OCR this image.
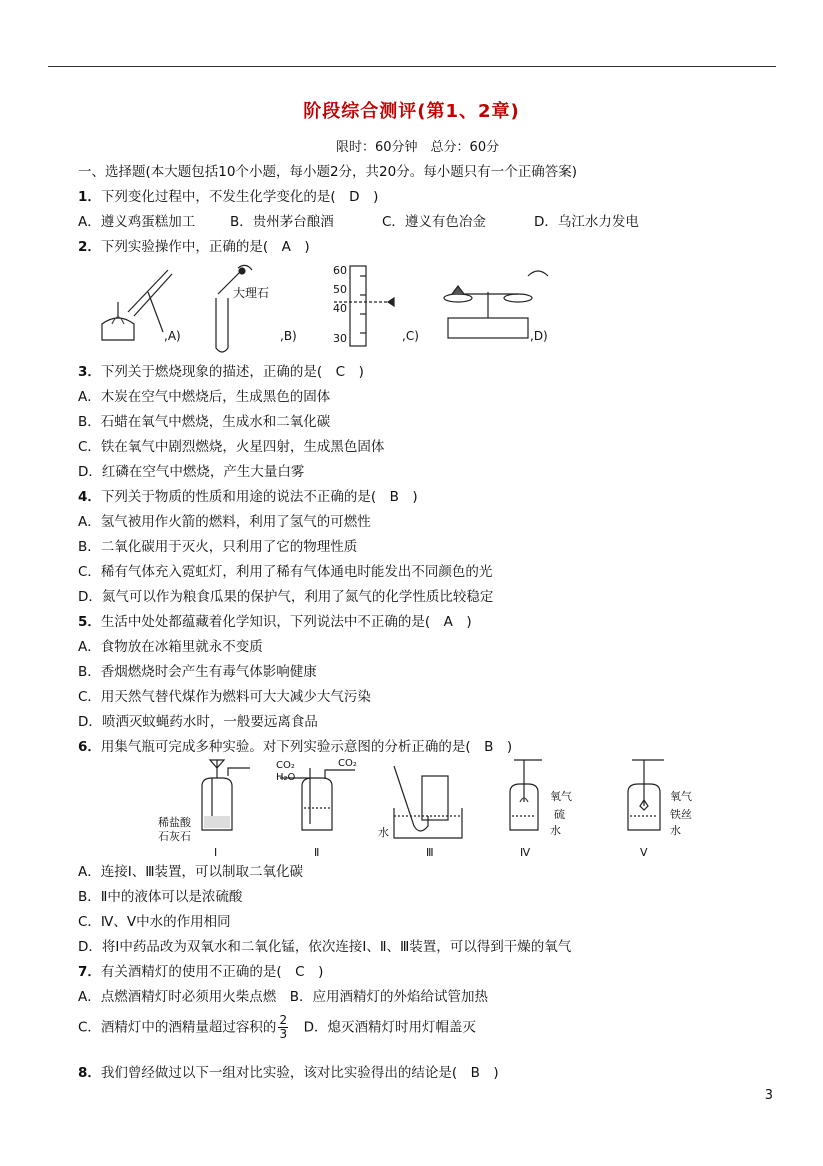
阶段综合测评(第1、2章)
限时：60分钟　总分：60分
一、选择题(本大题包括10个小题，每小题2分，共20分。每小题只有一个正确答案)
1．下列变化过程中，不发生化学变化的是(　D　)
A．遵义鸡蛋糕加工	B．贵州茅台酿酒	C．遵义有色冶金	D．乌江水力发电
2．下列实验操作中，正确的是(　A　)
大理石
60
50
40
30
,A)	,B)	,C)	,D)
3．下列关于燃烧现象的描述，正确的是(　C　)
A．木炭在空气中燃烧后，生成黑色的固体
B．石蜡在氧气中燃烧，生成水和二氧化碳
C．铁在氧气中剧烈燃烧，火星四射，生成黑色固体
D．红磷在空气中燃烧，产生大量白雾
4．下列关于物质的性质和用途的说法不正确的是(　B　)
A．氢气被用作火箭的燃料，利用了氢气的可燃性
B．二氧化碳用于灭火，只利用了它的物理性质
C．稀有气体充入霓虹灯，利用了稀有气体通电时能发出不同颜色的光
D．氮气可以作为粮食瓜果的保护气，利用了氮气的化学性质比较稳定
5．生活中处处都蕴藏着化学知识，下列说法中不正确的是(　A　)
A．食物放在冰箱里就永不变质
B．香烟燃烧时会产生有毒气体影响健康
C．用天然气替代煤作为燃料可大大减少大气污染
D．喷洒灭蚊蝇药水时，一般要远离食品
6．用集气瓶可完成多种实验。对下列实验示意图的分析正确的是(　B　)
稀盐酸
石灰石
CO₂
H₂O
CO₂
水
氧气
硫
水
氧气
铁丝
水
Ⅰ	Ⅱ	Ⅲ	Ⅳ	Ⅴ
A．连接Ⅰ、Ⅲ装置，可以制取二氧化碳
B．Ⅱ中的液体可以是浓硫酸
C．Ⅳ、Ⅴ中水的作用相同
D．将Ⅰ中药品改为双氧水和二氧化锰，依次连接Ⅰ、Ⅱ、Ⅲ装置，可以得到干燥的氧气
7．有关酒精灯的使用不正确的是(　C　)
A．点燃酒精灯时必须用火柴点燃　B．应用酒精灯的外焰给试管加热
C．酒精灯中的酒精量超过容积的 $\frac{2}{3}$ 　D．熄灭酒精灯时用灯帽盖灭
8．我们曾经做过以下一组对比实验，该对比实验得出的结论是(　B　)
3
